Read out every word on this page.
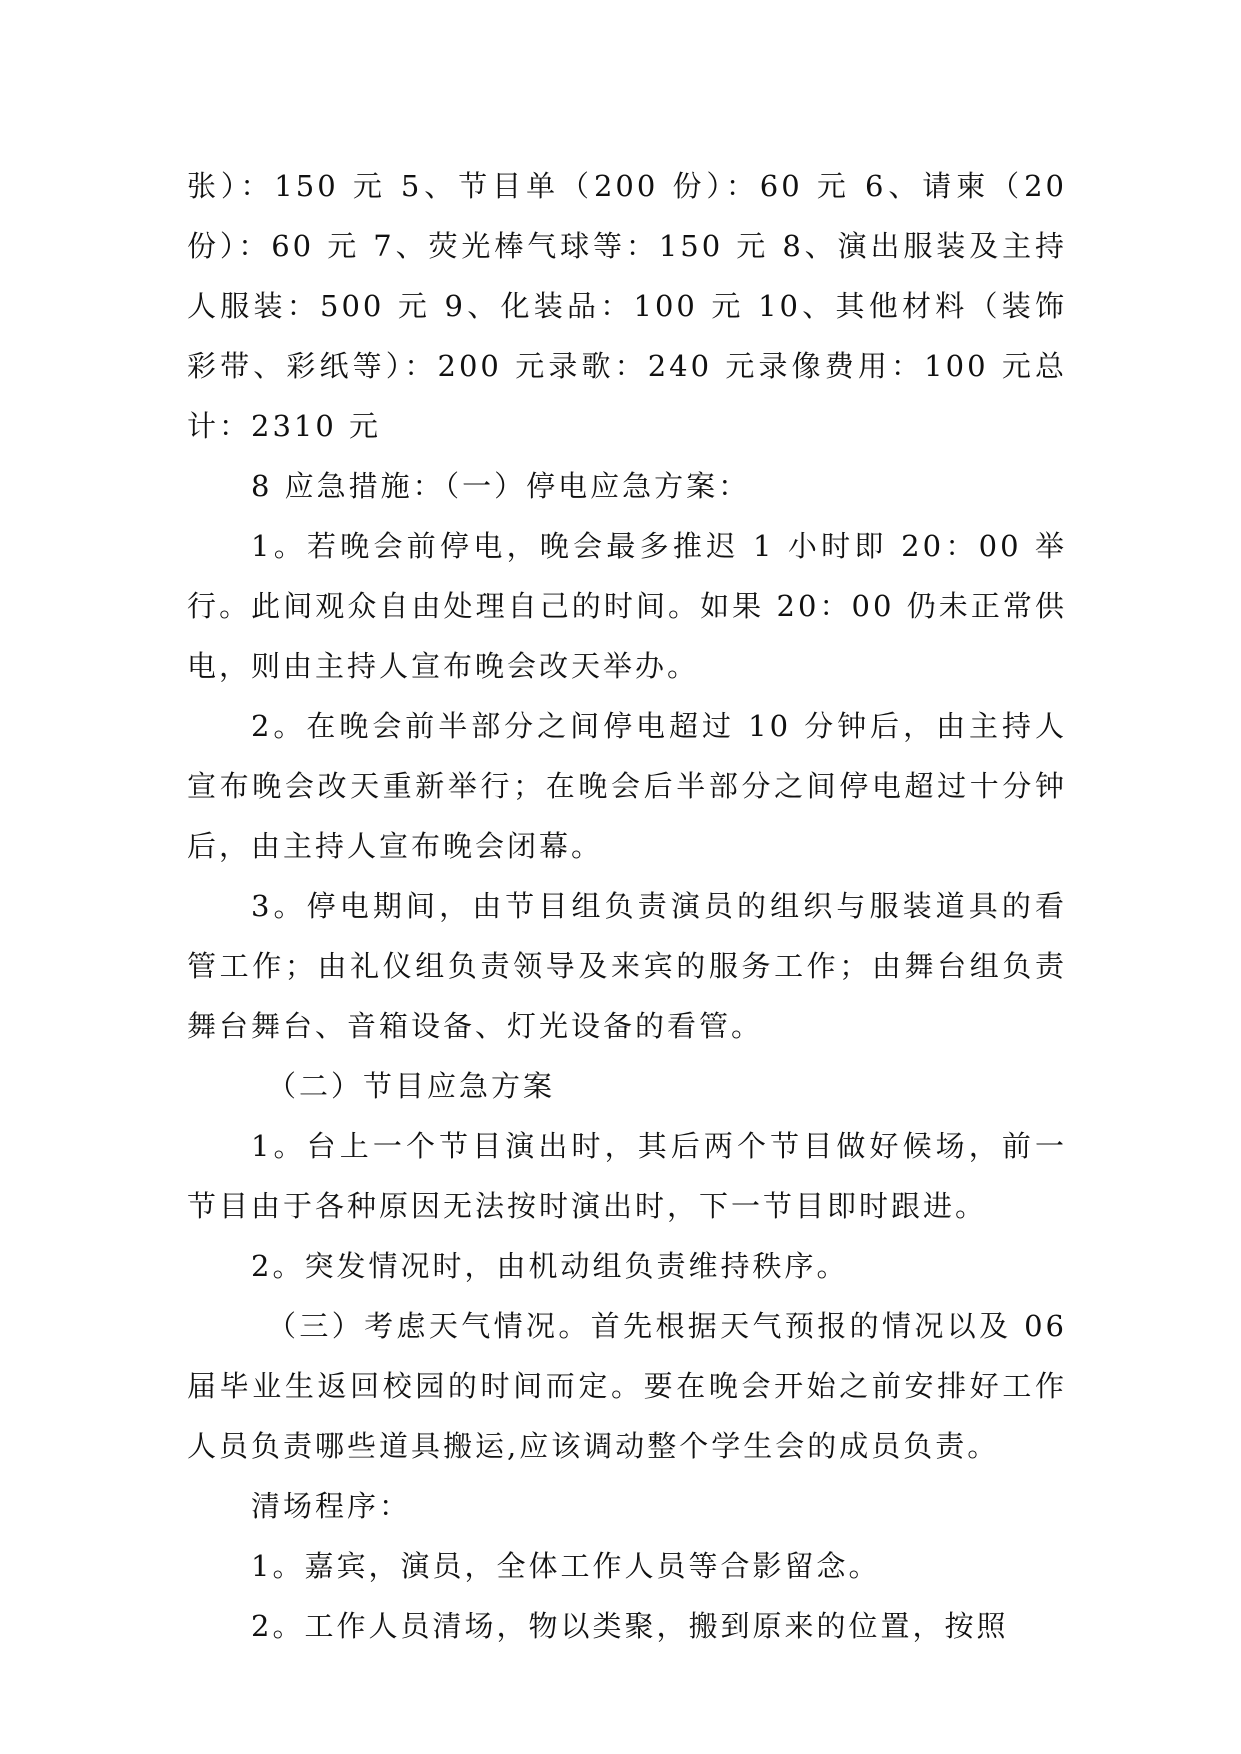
张）：150 元 5、节目单（200 份）：60 元 6、请柬（20 份）：60 元 7、荧光棒气球等：150 元 8、演出服装及主持人服装：500 元 9、化装品：100 元 10、其他材料（装饰彩带、彩纸等）：200 元录歌：240 元录像费用：100 元总计：2310 元

8 应急措施：（一）停电应急方案：

1。若晚会前停电，晚会最多推迟 1 小时即 20：00 举行。此间观众自由处理自己的时间。如果 20：00 仍未正常供电，则由主持人宣布晚会改天举办。

2。在晚会前半部分之间停电超过 10 分钟后，由主持人宣布晚会改天重新举行；在晚会后半部分之间停电超过十分钟后，由主持人宣布晚会闭幕。

3。停电期间，由节目组负责演员的组织与服装道具的看管工作；由礼仪组负责领导及来宾的服务工作；由舞台组负责舞台舞台、音箱设备、灯光设备的看管。

（二）节目应急方案

1。台上一个节目演出时，其后两个节目做好候场，前一节目由于各种原因无法按时演出时，下一节目即时跟进。

2。突发情况时，由机动组负责维持秩序。

（三）考虑天气情况。首先根据天气预报的情况以及 06 届毕业生返回校园的时间而定。要在晚会开始之前安排好工作人员负责哪些道具搬运,应该调动整个学生会的成员负责。

清场程序：

1。嘉宾，演员，全体工作人员等合影留念。

2。工作人员清场，物以类聚，搬到原来的位置，按照
